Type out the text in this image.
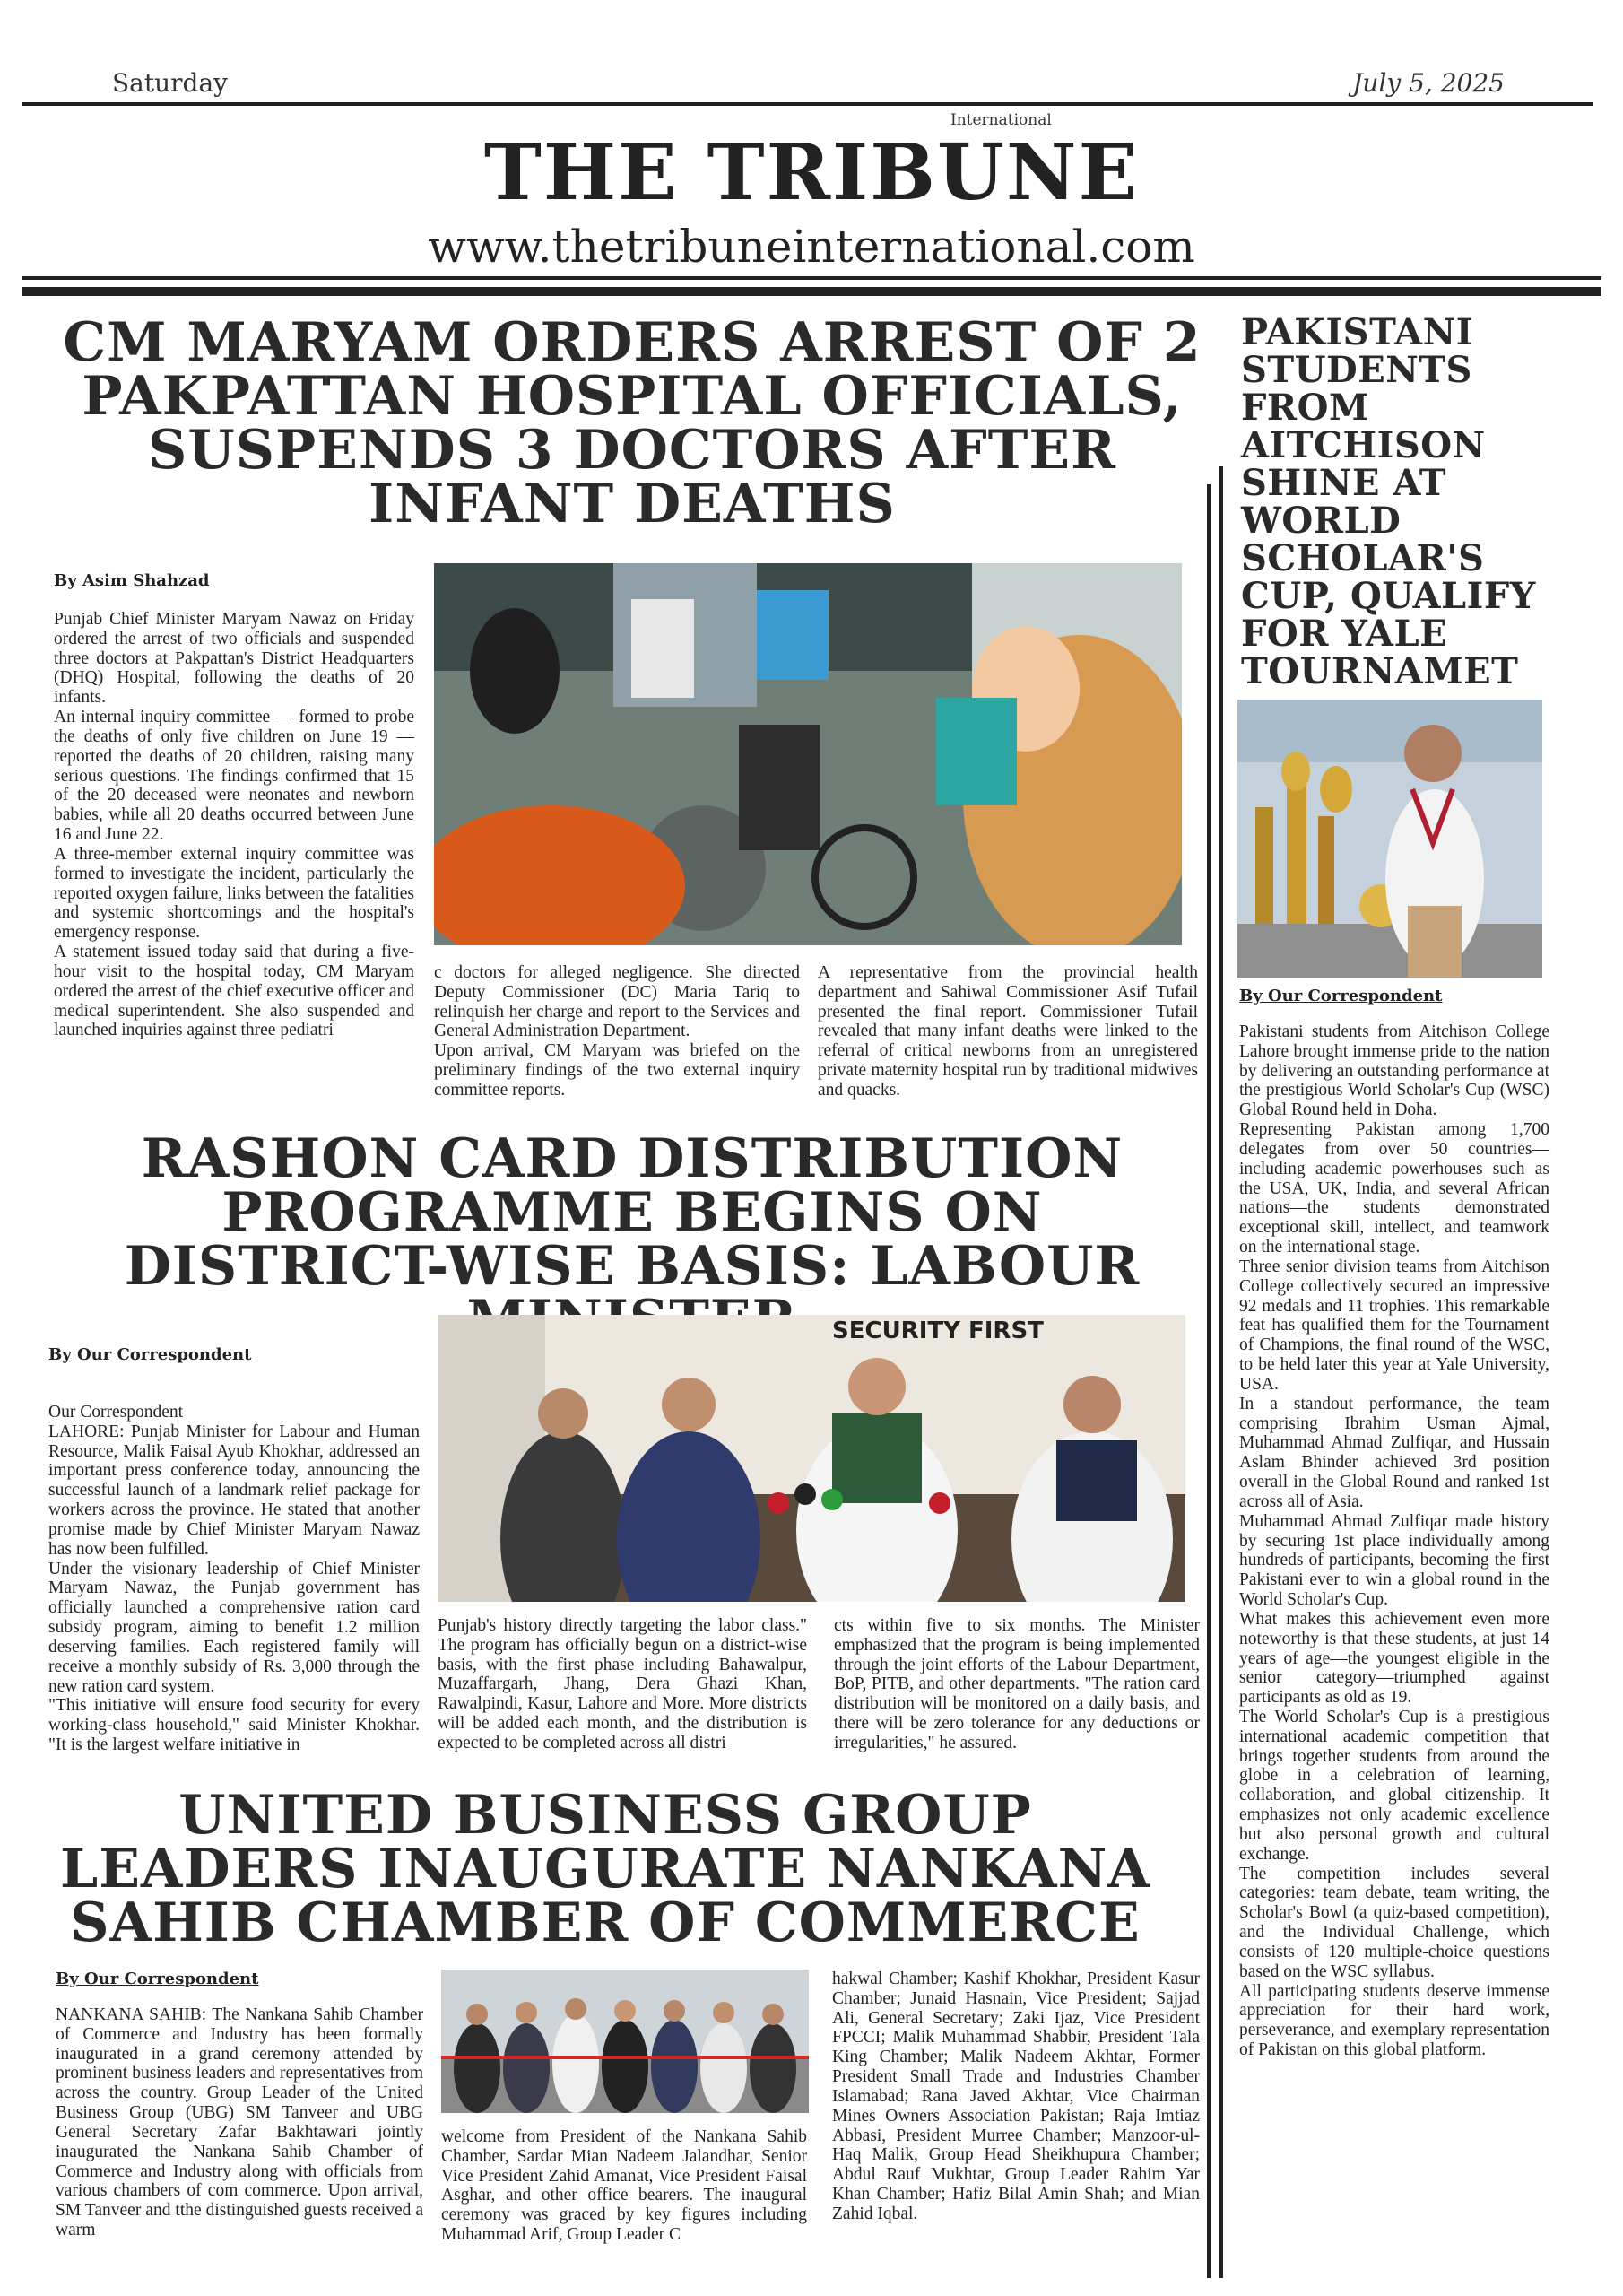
Saturday	July 5, 2025
International
THE TRIBUNE
www.thetribuneinternational.com
CM MARYAM ORDERS ARREST OF 2 PAKPATTAN HOSPITAL OFFICIALS, SUSPENDS 3 DOCTORS AFTER INFANT DEATHS
By Asim Shahzad

Punjab Chief Minister Maryam Nawaz on Friday ordered the arrest of two officials and suspended three doctors at Pakpattan's District Headquarters (DHQ) Hospital, following the deaths of 20 infants.

An internal inquiry committee — formed to probe the deaths of only five children on June 19 — reported the deaths of 20 children, raising many serious questions. The findings confirmed that 15 of the 20 deceased were neonates and newborn babies, while all 20 deaths occurred between June 16 and June 22.

A three-member external inquiry committee was formed to investigate the incident, particularly the reported oxygen failure, links between the fatalities and systemic shortcomings and the hospital's emergency response.

A statement issued today said that during a five-hour visit to the hospital today, CM Maryam ordered the arrest of the chief executive officer and medical superintendent. She also suspended and launched inquiries against three pediatri

c doctors for alleged negligence. She directed Deputy Commissioner (DC) Maria Tariq to relinquish her charge and report to the Services and General Administration Department.

Upon arrival, CM Maryam was briefed on the preliminary findings of the two external inquiry committee reports.

A representative from the provincial health department and Sahiwal Commissioner Asif Tufail presented the final report. Commissioner Tufail revealed that many infant deaths were linked to the referral of critical newborns from an unregistered private maternity hospital run by traditional midwives and quacks.

RASHON CARD DISTRIBUTION PROGRAMME BEGINS ON DISTRICT-WISE BASIS: LABOUR
By Our Correspondent

Our Correspondent

LAHORE: Punjab Minister for Labour and Human Resource, Malik Faisal Ayub Khokhar, addressed an important press conference today, announcing the successful launch of a landmark relief package for workers across the province. He stated that another promise made by Chief Minister Maryam Nawaz has now been fulfilled.

Under the visionary leadership of Chief Minister Maryam Nawaz, the Punjab government has officially launched a comprehensive ration card subsidy program, aiming to benefit 1.2 million deserving families. Each registered family will receive a monthly subsidy of Rs. 3,000 through the new ration card system.

"This initiative will ensure food security for every working-class household," said Minister Khokhar. "It is the largest welfare initiative in

SECURITY FIRST

Punjab's history directly targeting the labor class." The program has officially begun on a district-wise basis, with the first phase including Bahawalpur, Muzaffargarh, Jhang, Dera Ghazi Khan, Rawalpindi, Kasur, Lahore and More. More districts will be added each month, and the distribution is expected to be completed across all distri

cts within five to six months. The Minister emphasized that the program is being implemented through the joint efforts of the Labour Department, BoP, PITB, and other departments. "The ration card distribution will be monitored on a daily basis, and there will be zero tolerance for any deductions or irregularities," he assured.

UNITED BUSINESS GROUP LEADERS INAUGURATE NANKANA SAHIB CHAMBER OF COMMERCE
By Our Correspondent

NANKANA SAHIB: The Nankana Sahib Chamber of Commerce and Industry has been formally inaugurated in a grand ceremony attended by prominent business leaders and representatives from across the country. Group Leader of the United Business Group (UBG) SM Tanveer and UBG General Secretary Zafar Bakhtawari jointly inaugurated the Nankana Sahib Chamber of Commerce and Industry along with officials from various chambers of com commerce. Upon arrival, SM Tanveer and tthe distinguished guests received a warm

welcome from President of the Nankana Sahib Chamber, Sardar Mian Nadeem Jalandhar, Senior Vice President Zahid Amanat, Vice President Faisal Asghar, and other office bearers. The inaugural ceremony was graced by key figures including Muhammad Arif, Group Leader C

hakwal Chamber; Kashif Khokhar, President Kasur Chamber; Junaid Hasnain, Vice President; Sajjad Ali, General Secretary; Zaki Ijaz, Vice President FPCCI; Malik Muhammad Shabbir, President Tala King Chamber; Malik Nadeem Akhtar, Former President Small Trade and Industries Chamber Islamabad; Rana Javed Akhtar, Vice Chairman Mines Owners Association Pakistan; Raja Imtiaz Abbasi, President Murree Chamber; Manzoor-ul-Haq Malik, Group Head Sheikhupura Chamber; Abdul Rauf Mukhtar, Group Leader Rahim Yar Khan Chamber; Hafiz Bilal Amin Shah; and Mian Zahid Iqbal.

PAKISTANI STUDENTS FROM AITCHISON SHINE AT WORLD SCHOLAR'S CUP, QUALIFY FOR YALE TOURNAMET
By Our Correspondent

Pakistani students from Aitchison College Lahore brought immense pride to the nation by delivering an outstanding performance at the prestigious World Scholar's Cup (WSC) Global Round held in Doha.

Representing Pakistan among 1,700 delegates from over 50 countries—including academic powerhouses such as the USA, UK, India, and several African nations—the students demonstrated exceptional skill, intellect, and teamwork on the international stage.

Three senior division teams from Aitchison College collectively secured an impressive 92 medals and 11 trophies. This remarkable feat has qualified them for the Tournament of Champions, the final round of the WSC, to be held later this year at Yale University, USA.

In a standout performance, the team comprising Ibrahim Usman Ajmal, Muhammad Ahmad Zulfiqar, and Hussain Aslam Bhinder achieved 3rd position overall in the Global Round and ranked 1st across all of Asia.

Muhammad Ahmad Zulfiqar made history by securing 1st place individually among hundreds of participants, becoming the first Pakistani ever to win a global round in the World Scholar's Cup.

What makes this achievement even more noteworthy is that these students, at just 14 years of age—the youngest eligible in the senior category—triumphed against participants as old as 19.

The World Scholar's Cup is a prestigious international academic competition that brings together students from around the globe in a celebration of learning, collaboration, and global citizenship. It emphasizes not only academic excellence but also personal growth and cultural exchange.

The competition includes several categories: team debate, team writing, the Scholar's Bowl (a quiz-based competition), and the Individual Challenge, which consists of 120 multiple-choice questions based on the WSC syllabus.

All participating students deserve immense appreciation for their hard work, perseverance, and exemplary representation of Pakistan on this global platform.
